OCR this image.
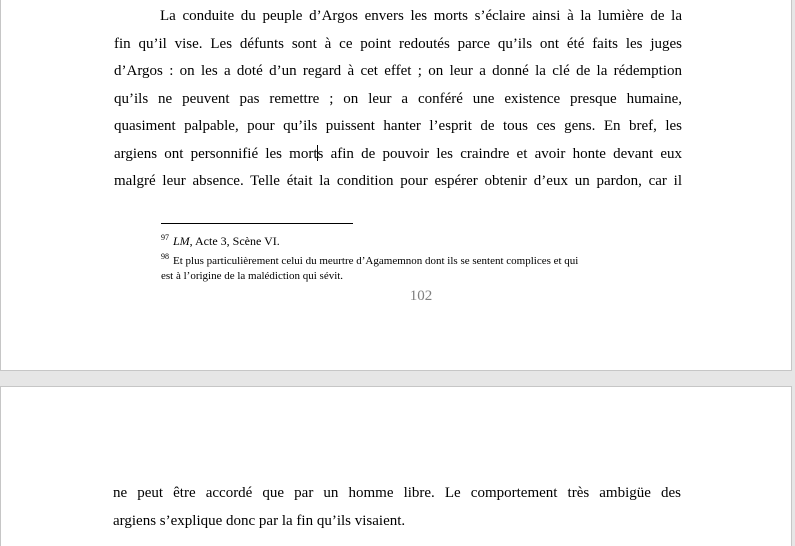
La conduite du peuple d’Argos envers les morts s’éclaire ainsi à la lumière de la
fin qu’il vise. Les défunts sont à ce point redoutés parce qu’ils ont été faits les juges
d’Argos : on les a doté d’un regard à cet effet ; on leur a donné la clé de la rédemption
qu’ils ne peuvent pas remettre ; on leur a conféré une existence presque humaine,
quasiment palpable, pour qu’ils puissent hanter l’esprit de tous ces gens. En bref, les
argiens ont personnifié les morts afin de pouvoir les craindre et avoir honte devant eux
malgré leur absence. Telle était la condition pour espérer obtenir d’eux un pardon, car il

$^{97}$ LM, Acte 3, Scène VI.

$^{98}$ Et plus particulièrement celui du meurtre d’Agamemnon dont ils se sentent complices et qui
est à l’origine de la malédiction qui sévit.

102

ne peut être accordé que par un homme libre. Le comportement très ambigüe des
argiens s’explique donc par la fin qu’ils visaient.
